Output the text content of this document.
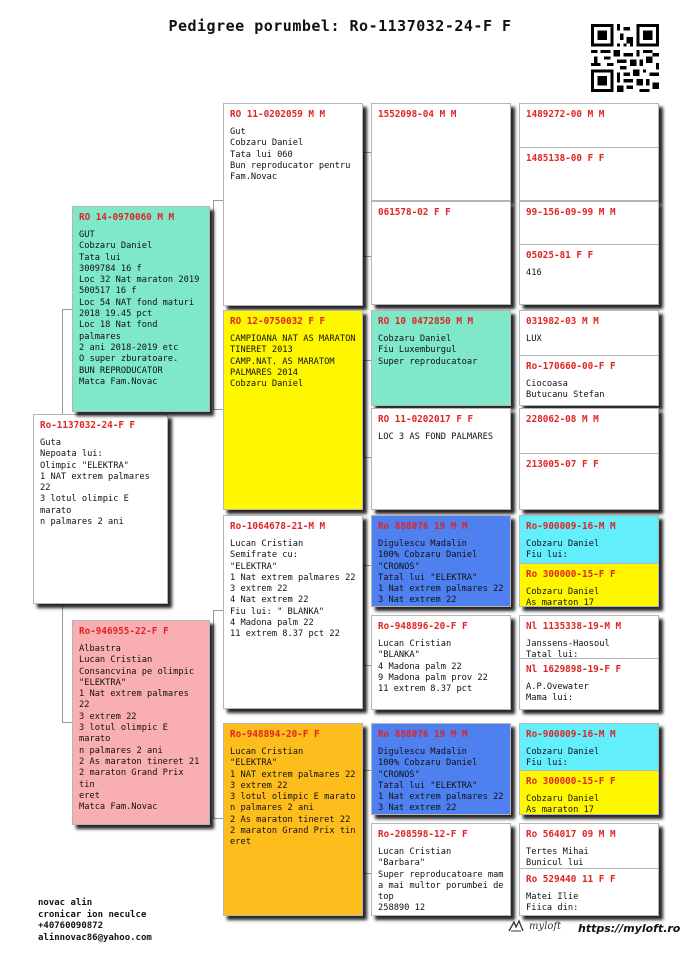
Pedigree porumbel: Ro-1137032-24-F F
Ro-1137032-24-F F
Guta
Nepoata lui:
Olimpic "ELEKTRA"
1 NAT extrem palmares 22
3 lotul olimpic E marato
n palmares 2 ani
RO 14-0970060 M M
GUT
Cobzaru Daniel
Tata lui
3009784 16 f
Loc 32 Nat maraton 2019
500517 16 f
Loc 54 NAT fond maturi
2018 19.45 pct
Loc 18 Nat fond palmares
2 ani 2018-2019 etc
O super zburatoare.
BUN REPRODUCATOR
Matca Fam.Novac
Ro-946955-22-F F
Albastra
Lucan Cristian
Consancvina pe olimpic
"ELEKTRA"
1 Nat extrem palmares 22
3 extrem 22
3 lotul olimpic E marato
n palmares 2 ani
2 As maraton tineret 21
2 maraton Grand Prix tin
eret
Matca Fam.Novac
RO 11-0202059 M M
Gut
Cobzaru Daniel
Tata lui 060
Bun reproducator pentru
Fam.Novac
RO 12-0750032 F F
CAMPIOANA NAT AS MARATON
TINERET 2013
CAMP.NAT. AS MARATOM
PALMARES 2014
Cobzaru Daniel
Ro-1064678-21-M M
Lucan Cristian
Semifrate cu:
"ELEKTRA"
1 Nat extrem palmares 22
3 extrem 22
4 Nat extrem 22
Fiu lui: " BLANKA"
4 Madona palm 22
11 extrem 8.37 pct 22
Ro-948894-20-F F
Lucan Cristian
"ELEKTRA"
1 NAT extrem palmares 22
3 extrem 22
3 lotul olimpic E marato
n palmares 2 ani
2 As maraton tineret 22
2 maraton Grand Prix tin
eret
1552098-04 M M
061578-02 F F
RO 10 0472850 M M
Cobzaru Daniel
Fiu Luxemburgul
Super reproducatoar
RO 11-0202017 F F
LOC 3 AS FOND PALMARES
Ro 888076 19 M M
Digulescu Madalin
100% Cobzaru Daniel
"CRONOS"
Tatal lui "ELEKTRA"
1 Nat extrem palmares 22
3 Nat extrem 22
Ro-948896-20-F F
Lucan Cristian
"BLANKA"
4 Madona palm 22
9 Madona palm prov 22
11 extrem 8.37 pct
Ro 888076 19 M M
Digulescu Madalin
100% Cobzaru Daniel
"CRONOS"
Tatal lui "ELEKTRA"
1 Nat extrem palmares 22
3 Nat extrem 22
Ro-208598-12-F F
Lucan Cristian
"Barbara"
Super reproducatoare mam
a mai multor porumbei de
top
258890 12
1489272-00 M M
1485138-00 F F
99-156-09-99 M M
05025-81 F F
416
031982-03 M M
LUX
Ro-170660-00-F F
Ciocoasa
Butucanu Stefan
228062-08 M M
213005-07 F F
Ro-900009-16-M M
Cobzaru Daniel
Fiu lui:
Ro 300000-15-F F
Cobzaru Daniel
As maraton 17
Nl 1135338-19-M M
Janssens-Haosoul
Tatal lui:
Nl 1629898-19-F F
A.P.Ovewater
Mama lui:
Ro-900009-16-M M
Cobzaru Daniel
Fiu lui:
Ro 300000-15-F F
Cobzaru Daniel
As maraton 17
Ro 564017 09 M M
Tertes Mihai
Bunicul lui
Ro 529440 11 F F
Matei Ilie
Fiica din:
novac alin
cronicar ion neculce
+40760090872
alinnovac86@yahoo.com
myloft https://myloft.ro
